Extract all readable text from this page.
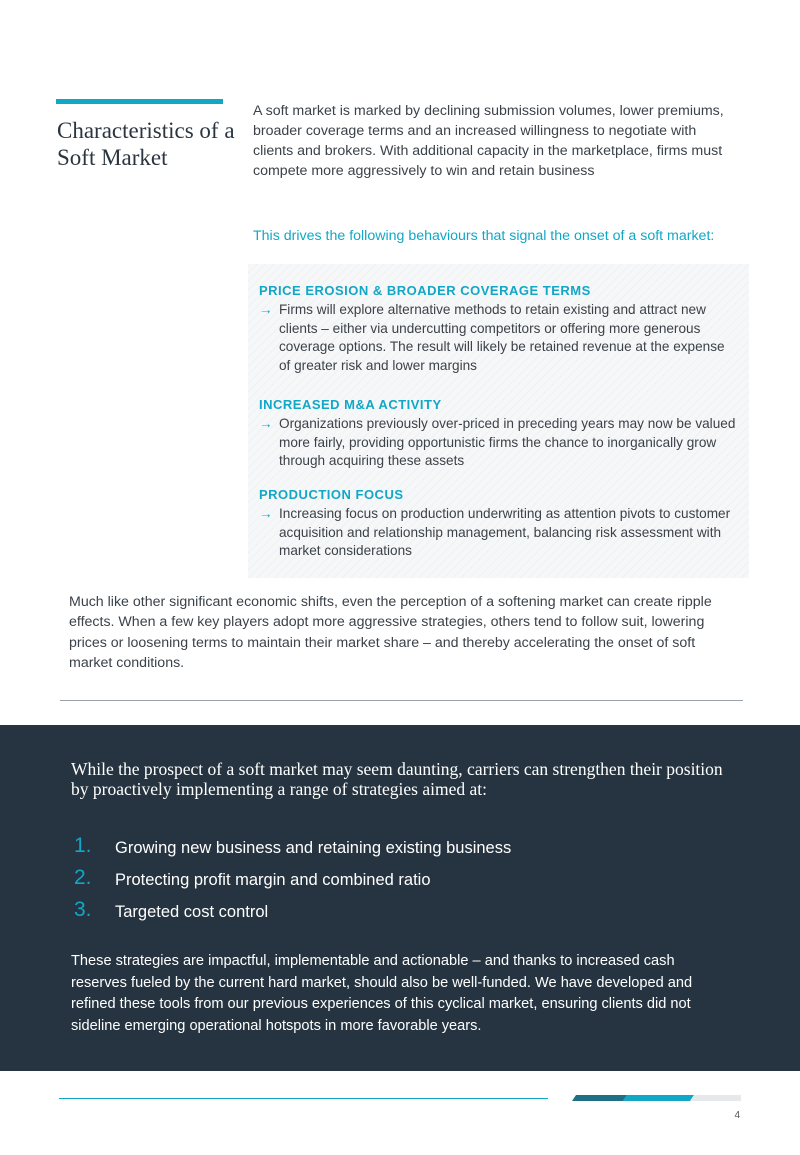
Characteristics of a Soft Market
A soft market is marked by declining submission volumes, lower premiums, broader coverage terms and an increased willingness to negotiate with clients and brokers. With additional capacity in the marketplace, firms must compete more aggressively to win and retain business
This drives the following behaviours that signal the onset of a soft market:
PRICE EROSION & BROADER COVERAGE TERMS
→ Firms will explore alternative methods to retain existing and attract new clients – either via undercutting competitors or offering more generous coverage options. The result will likely be retained revenue at the expense of greater risk and lower margins
INCREASED M&A ACTIVITY
→ Organizations previously over-priced in preceding years may now be valued more fairly, providing opportunistic firms the chance to inorganically grow through acquiring these assets
PRODUCTION FOCUS
→ Increasing focus on production underwriting as attention pivots to customer acquisition and relationship management, balancing risk assessment with market considerations
Much like other significant economic shifts, even the perception of a softening market can create ripple effects. When a few key players adopt more aggressive strategies, others tend to follow suit, lowering prices or loosening terms to maintain their market share – and thereby accelerating the onset of soft market conditions.
While the prospect of a soft market may seem daunting, carriers can strengthen their position by proactively implementing a range of strategies aimed at:
1.	Growing new business and retaining existing business
2.	Protecting profit margin and combined ratio
3.	Targeted cost control
These strategies are impactful, implementable and actionable – and thanks to increased cash reserves fueled by the current hard market, should also be well-funded. We have developed and refined these tools from our previous experiences of this cyclical market, ensuring clients did not sideline emerging operational hotspots in more favorable years.
4
